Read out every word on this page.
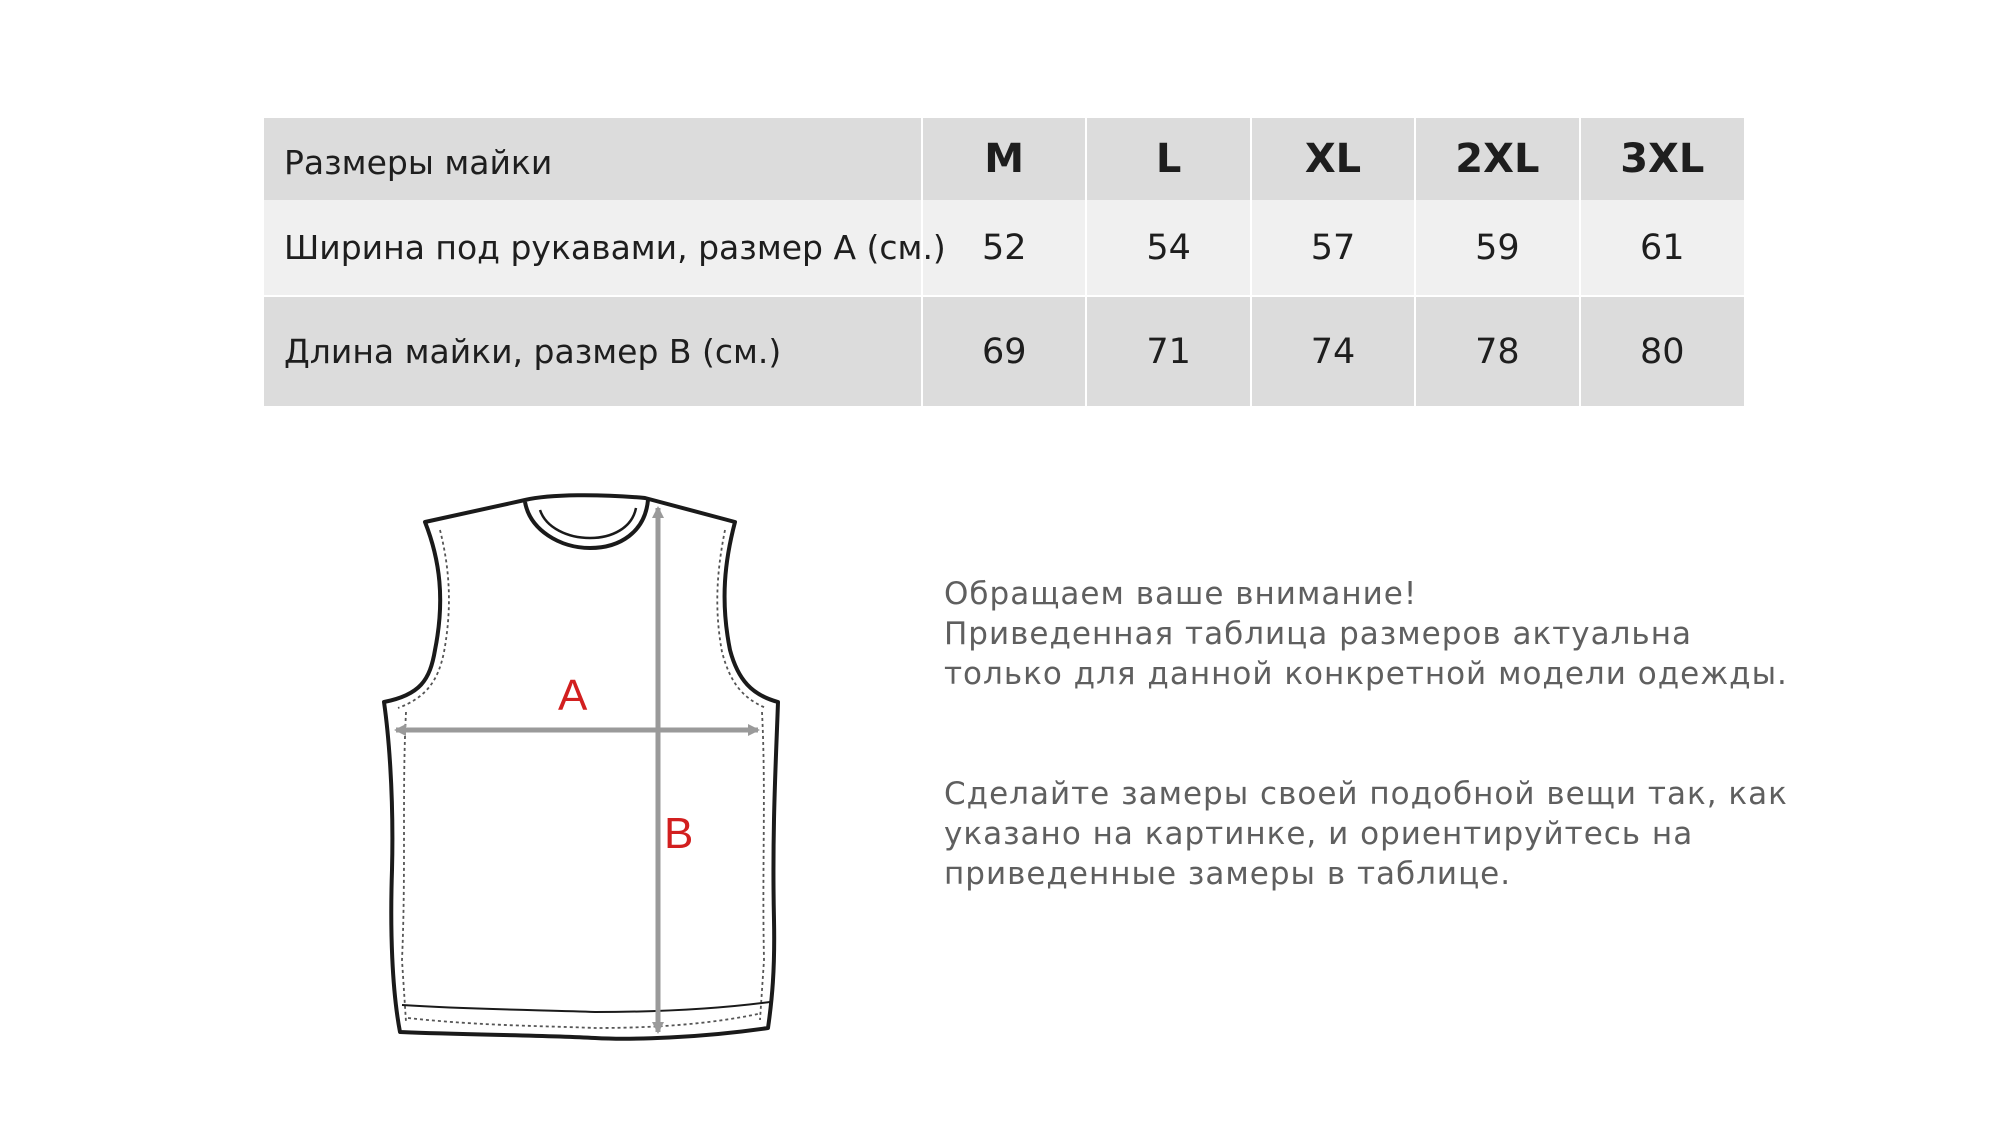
Размеры майки	M	L	XL	2XL	3XL
Ширина под рукавами, размер А (см.)	52	54	57	59	61
Длина майки, размер В (см.)	69	71	74	78	80
A
B

Обращаем ваше внимание!

Приведенная таблица размеров актуальна

только для данной конкретной модели одежды.

Сделайте замеры своей подобной вещи так, как

указано на картинке, и ориентируйтесь на

приведенные замеры в таблице.
